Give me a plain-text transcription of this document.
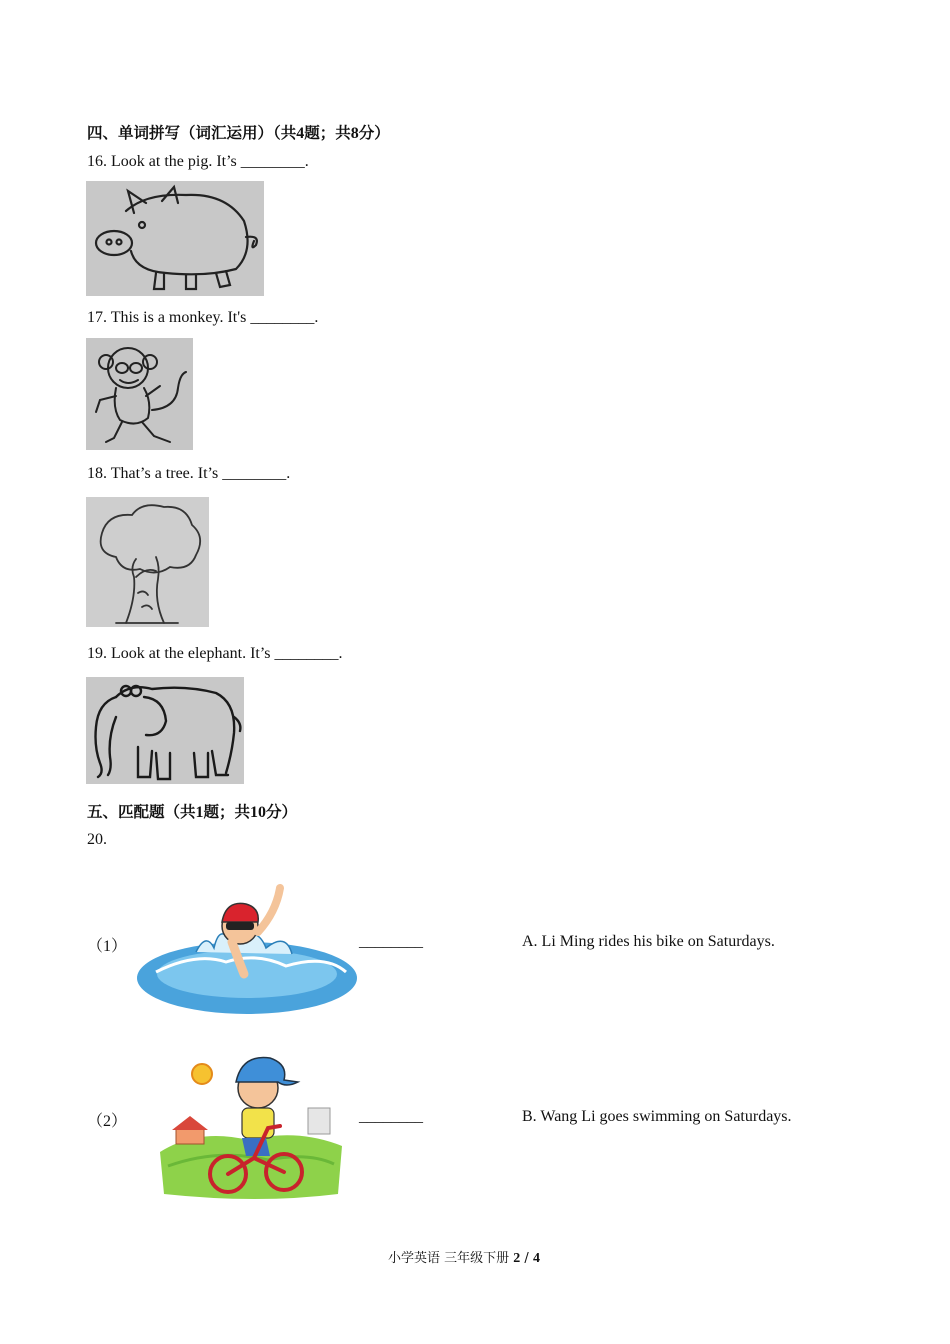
四、单词拼写（词汇运用）（共4题；共8分）
16. Look at the pig. It’s ________.
17. This is a monkey. It's ________.
18. That’s a tree. It’s ________.
19. Look at the elephant. It’s ________.
五、匹配题（共1题；共10分）
20.
（1）	________	A. Li Ming rides his bike on Saturdays.
（2）	________	B. Wang Li goes swimming on Saturdays.
小学英语 三年级下册 2 / 4
